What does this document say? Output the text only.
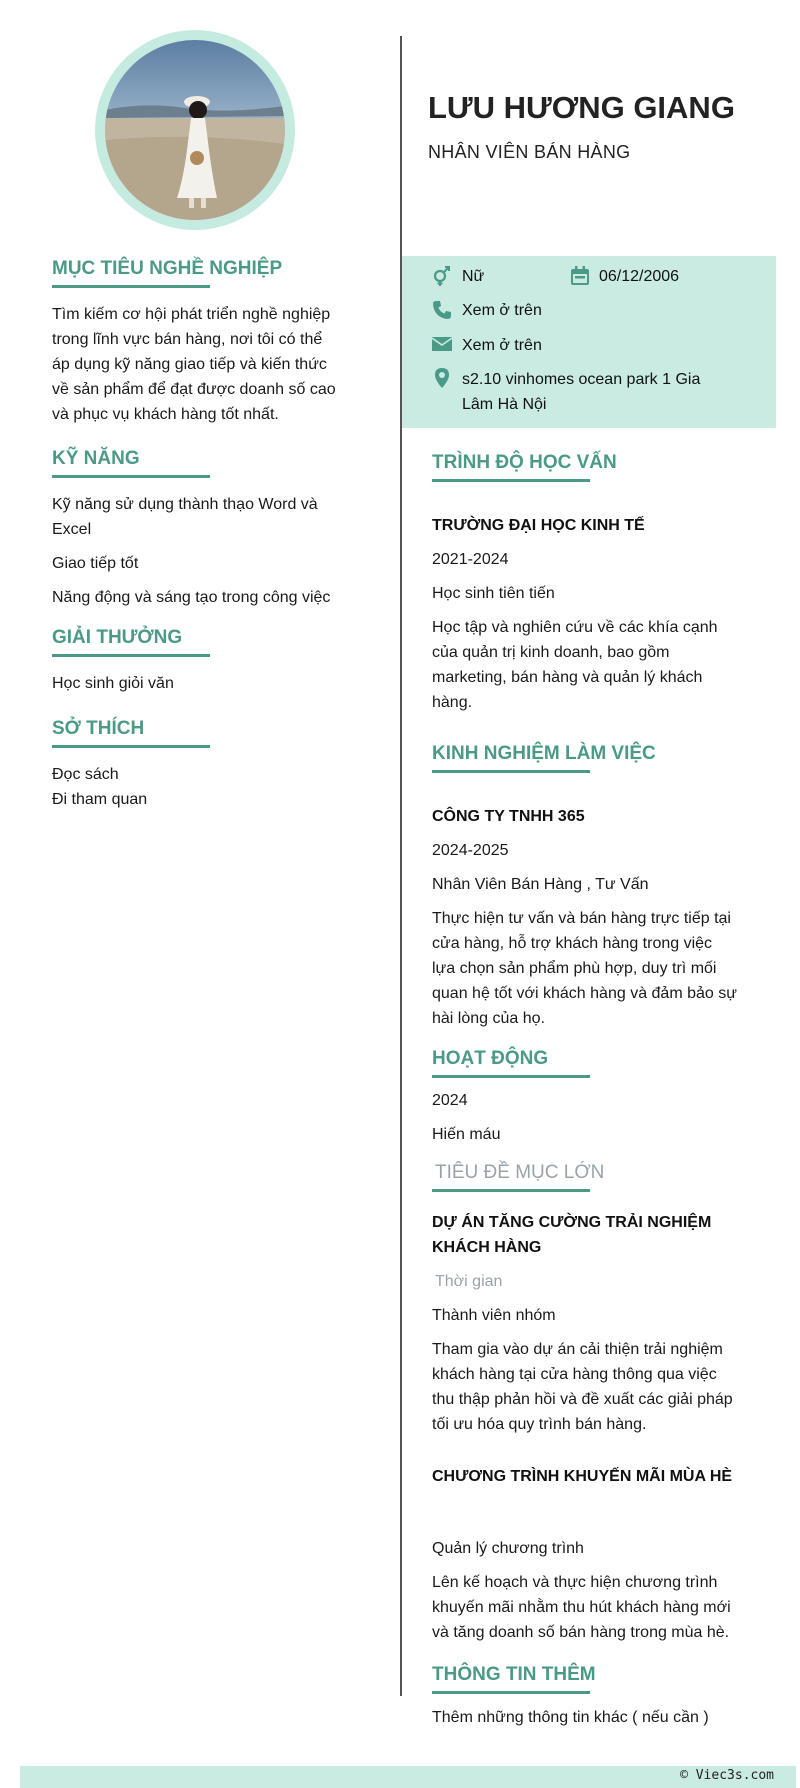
MỤC TIÊU NGHỀ NGHIỆP
Tìm kiếm cơ hội phát triển nghề nghiệp
trong lĩnh vực bán hàng, nơi tôi có thể
áp dụng kỹ năng giao tiếp và kiến thức
về sản phẩm để đạt được doanh số cao
và phục vụ khách hàng tốt nhất.
KỸ NĂNG
Kỹ năng sử dụng thành thạo Word và
Excel
Giao tiếp tốt
Năng động và sáng tạo trong công việc
GIẢI THƯỞNG
Học sinh giỏi văn
SỞ THÍCH
Đọc sách
Đi tham quan
LƯU HƯƠNG GIANG
NHÂN VIÊN BÁN HÀNG
Nữ	06/12/2006
Xem ở trên
Xem ở trên
s2.10 vinhomes ocean park 1 Gia
Lâm Hà Nội
TRÌNH ĐỘ HỌC VẤN
TRƯỜNG ĐẠI HỌC KINH TẾ
2021-2024
Học sinh tiên tiến
Học tập và nghiên cứu về các khía cạnh
của quản trị kinh doanh, bao gồm
marketing, bán hàng và quản lý khách
hàng.
KINH NGHIỆM LÀM VIỆC
CÔNG TY TNHH 365
2024-2025
Nhân Viên Bán Hàng , Tư Vấn
Thực hiện tư vấn và bán hàng trực tiếp tại
cửa hàng, hỗ trợ khách hàng trong việc
lựa chọn sản phẩm phù hợp, duy trì mối
quan hệ tốt với khách hàng và đảm bảo sự
hài lòng của họ.
HOẠT ĐỘNG
2024
Hiến máu
TIÊU ĐỀ MỤC LỚN
DỰ ÁN TĂNG CƯỜNG TRẢI NGHIỆM
KHÁCH HÀNG
Thời gian
Thành viên nhóm
Tham gia vào dự án cải thiện trải nghiệm
khách hàng tại cửa hàng thông qua việc
thu thập phản hồi và đề xuất các giải pháp
tối ưu hóa quy trình bán hàng.
CHƯƠNG TRÌNH KHUYẾN MÃI MÙA HÈ
Quản lý chương trình
Lên kế hoạch và thực hiện chương trình
khuyến mãi nhằm thu hút khách hàng mới
và tăng doanh số bán hàng trong mùa hè.
THÔNG TIN THÊM
Thêm những thông tin khác ( nếu cần )
© Viec3s.com
